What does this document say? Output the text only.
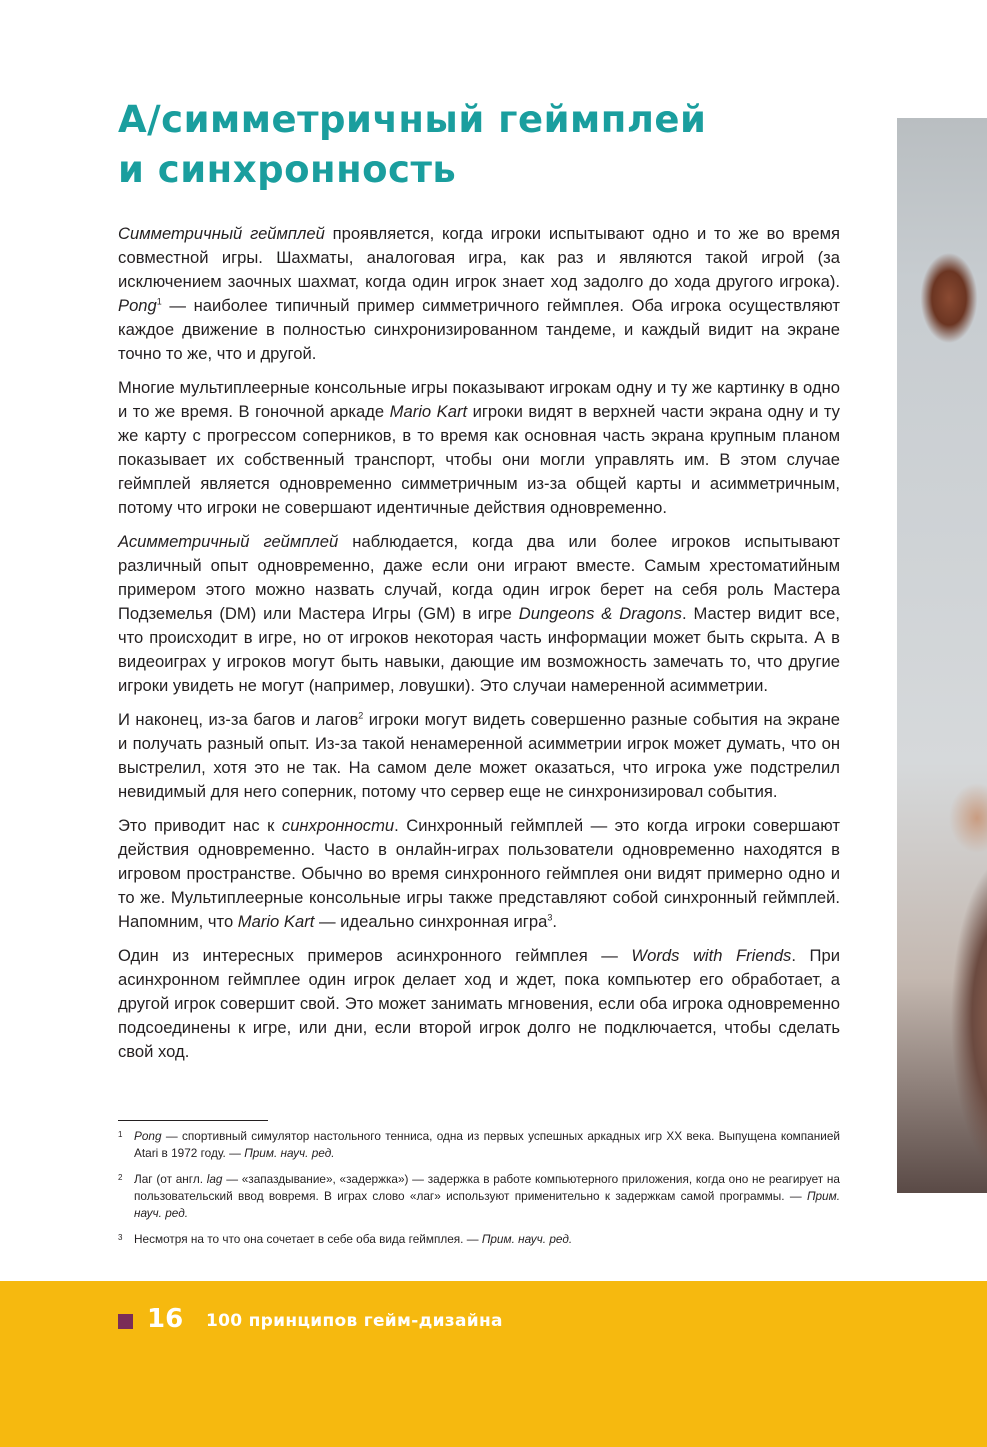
А/симметричный геймплей
и синхронность

Симметричный геймплей проявляется, когда игроки испытывают одно и то же во время совместной игры. Шахматы, аналоговая игра, как раз и являются такой игрой (за исключением заочных шахмат, когда один игрок знает ход задолго до хода другого игрока). Pong$^1$ — наиболее типичный пример симметричного геймплея. Оба игрока осуществляют каждое движение в полностью синхронизированном тандеме, и каждый видит на экране точно то же, что и другой.

Многие мультиплеерные консольные игры показывают игрокам одну и ту же картинку в одно и то же время. В гоночной аркаде Mario Kart игроки видят в верхней части экрана одну и ту же карту с прогрессом соперников, в то время как основная часть экрана крупным планом показывает их собственный транспорт, чтобы они могли управлять им. В этом случае геймплей является одновременно симметричным из-за общей карты и асимметричным, потому что игроки не совершают идентичные действия одновременно.

Асимметричный геймплей наблюдается, когда два или более игроков испытывают различный опыт одновременно, даже если они играют вместе. Самым хрестоматийным примером этого можно назвать случай, когда один игрок берет на себя роль Мастера Подземелья (DM) или Мастера Игры (GM) в игре Dungeons & Dragons. Мастер видит все, что происходит в игре, но от игроков некоторая часть информации может быть скрыта. А в видеоиграх у игроков могут быть навыки, дающие им возможность замечать то, что другие игроки увидеть не могут (например, ловушки). Это случаи намеренной асимметрии.

И наконец, из-за багов и лагов$^2$ игроки могут видеть совершенно разные события на экране и получать разный опыт. Из-за такой ненамеренной асимметрии игрок может думать, что он выстрелил, хотя это не так. На самом деле может оказаться, что игрока уже подстрелил невидимый для него соперник, потому что сервер еще не синхронизировал события.

Это приводит нас к синхронности. Синхронный геймплей — это когда игроки совершают действия одновременно. Часто в онлайн-играх пользователи одновременно находятся в игровом пространстве. Обычно во время синхронного геймплея они видят примерно одно и то же. Мультиплеерные консольные игры также представляют собой синхронный геймплей. Напомним, что Mario Kart — идеально синхронная игра$^3$.

Один из интересных примеров асинхронного геймплея — Words with Friends. При асинхронном геймплее один игрок делает ход и ждет, пока компьютер его обработает, а другой игрок совершит свой. Это может занимать мгновения, если оба игрока одновременно подсоединены к игре, или дни, если второй игрок долго не подключается, чтобы сделать свой ход.

1 Pong — спортивный симулятор настольного тенниса, одна из первых успешных аркадных игр XX века. Выпущена компанией Atari в 1972 году. — Прим. науч. ред.
2 Лаг (от англ. lag — «запаздывание», «задержка») — задержка в работе компьютерного приложения, когда оно не реагирует на пользовательский ввод вовремя. В играх слово «лаг» используют применительно к задержкам самой программы. — Прим. науч. ред.
3 Несмотря на то что она сочетает в себе оба вида геймплея. — Прим. науч. ред.
16 100 принципов гейм-дизайна
